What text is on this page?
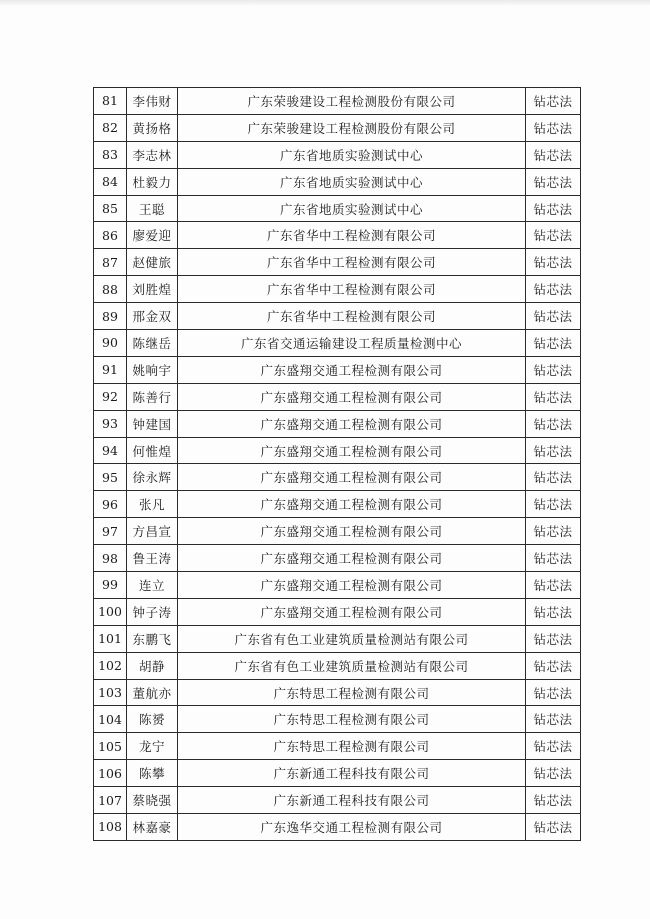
81	李伟财	广东荣骏建设工程检测股份有限公司	钻芯法
82	黄扬格	广东荣骏建设工程检测股份有限公司	钻芯法
83	李志林	广东省地质实验测试中心	钻芯法
84	杜毅力	广东省地质实验测试中心	钻芯法
85	王聪	广东省地质实验测试中心	钻芯法
86	廖爱迎	广东省华中工程检测有限公司	钻芯法
87	赵健旅	广东省华中工程检测有限公司	钻芯法
88	刘胜煌	广东省华中工程检测有限公司	钻芯法
89	邢金双	广东省华中工程检测有限公司	钻芯法
90	陈继岳	广东省交通运输建设工程质量检测中心	钻芯法
91	姚响宇	广东盛翔交通工程检测有限公司	钻芯法
92	陈善行	广东盛翔交通工程检测有限公司	钻芯法
93	钟建国	广东盛翔交通工程检测有限公司	钻芯法
94	何惟煌	广东盛翔交通工程检测有限公司	钻芯法
95	徐永辉	广东盛翔交通工程检测有限公司	钻芯法
96	张凡	广东盛翔交通工程检测有限公司	钻芯法
97	方昌宣	广东盛翔交通工程检测有限公司	钻芯法
98	鲁王涛	广东盛翔交通工程检测有限公司	钻芯法
99	连立	广东盛翔交通工程检测有限公司	钻芯法
100	钟子涛	广东盛翔交通工程检测有限公司	钻芯法
101	东鹏飞	广东省有色工业建筑质量检测站有限公司	钻芯法
102	胡静	广东省有色工业建筑质量检测站有限公司	钻芯法
103	董航亦	广东特思工程检测有限公司	钻芯法
104	陈赟	广东特思工程检测有限公司	钻芯法
105	龙宁	广东特思工程检测有限公司	钻芯法
106	陈攀	广东新通工程科技有限公司	钻芯法
107	蔡晓强	广东新通工程科技有限公司	钻芯法
108	林嘉豪	广东逸华交通工程检测有限公司	钻芯法
